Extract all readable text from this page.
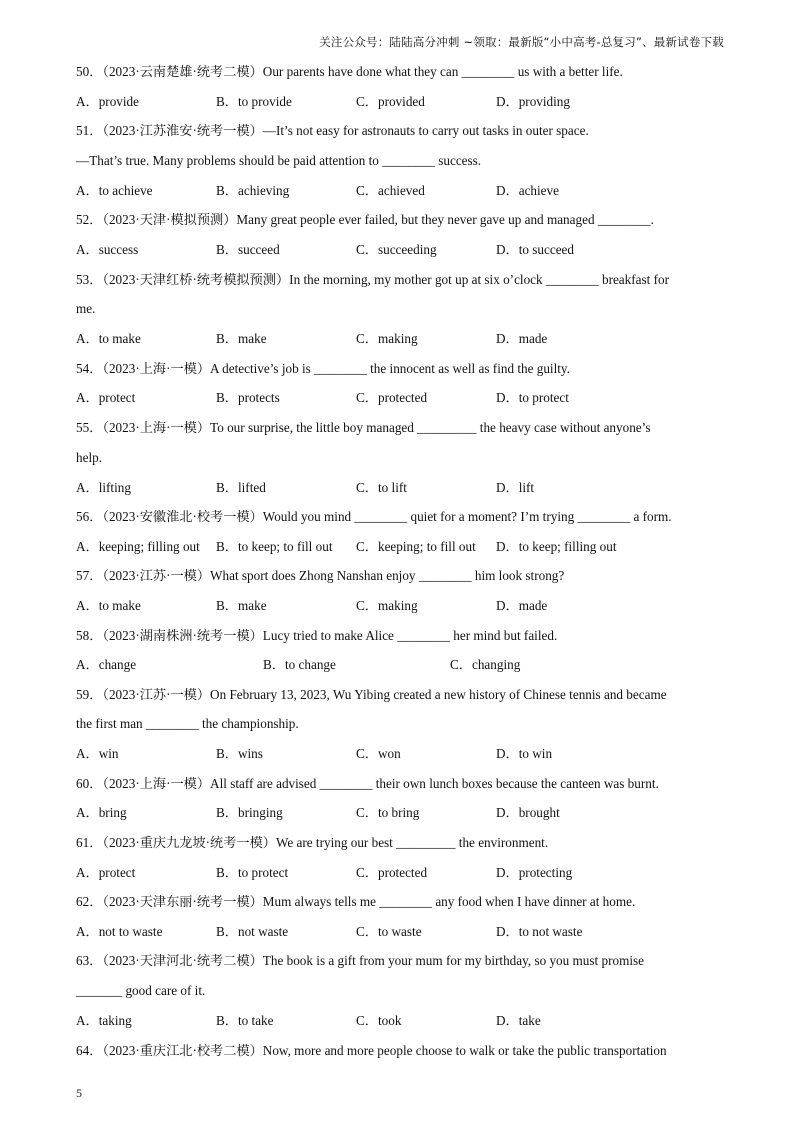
关注公众号：陆陆高分冲刺 ~领取：最新版“小中高考-总复习”、最新试卷下载
50．（2023·云南楚雄·统考二模）Our parents have done what they can ________ us with a better life.
A．provide	B．to provide	C．provided	D．providing
51．（2023·江苏淮安·统考一模）—It’s not easy for astronauts to carry out tasks in outer space.
—That’s true. Many problems should be paid attention to ________ success.
A．to achieve	B．achieving	C．achieved	D．achieve
52．（2023·天津·模拟预测）Many great people ever failed, but they never gave up and managed ________.
A．success	B．succeed	C．succeeding	D．to succeed
53．（2023·天津红桥·统考模拟预测）In the morning, my mother got up at six o’clock ________ breakfast for
me.
A．to make	B．make	C．making	D．made
54．（2023·上海·一模）A detective’s job is ________ the innocent as well as find the guilty.
A．protect	B．protects	C．protected	D．to protect
55．（2023·上海·一模）To our surprise, the little boy managed _________ the heavy case without anyone’s
help.
A．lifting	B．lifted	C．to lift	D．lift
56．（2023·安徽淮北·校考一模）Would you mind ________ quiet for a moment? I’m trying ________ a form.
A．keeping; filling out B．to keep; to fill out C．keeping; to fill out D．to keep; filling out
57．（2023·江苏·一模）What sport does Zhong Nanshan enjoy ________ him look strong?
A．to make	B．make	C．making	D．made
58．（2023·湖南株洲·统考一模）Lucy tried to make Alice ________ her mind but failed.
A．change	B．to change	C．changing
59．（2023·江苏·一模）On February 13, 2023, Wu Yibing created a new history of Chinese tennis and became
the first man ________ the championship.
A．win	B．wins	C．won	D．to win
60．（2023·上海·一模）All staff are advised ________ their own lunch boxes because the canteen was burnt.
A．bring	B．bringing	C．to bring	D．brought
61．（2023·重庆九龙坡·统考一模）We are trying our best _________ the environment.
A．protect	B．to protect	C．protected	D．protecting
62．（2023·天津东丽·统考一模）Mum always tells me ________ any food when I have dinner at home.
A．not to waste	B．not waste	C．to waste	D．to not waste
63．（2023·天津河北·统考二模）The book is a gift from your mum for my birthday, so you must promise
_______ good care of it.
A．taking	B．to take	C．took	D．take
64．（2023·重庆江北·校考二模）Now, more and more people choose to walk or take the public transportation
5
